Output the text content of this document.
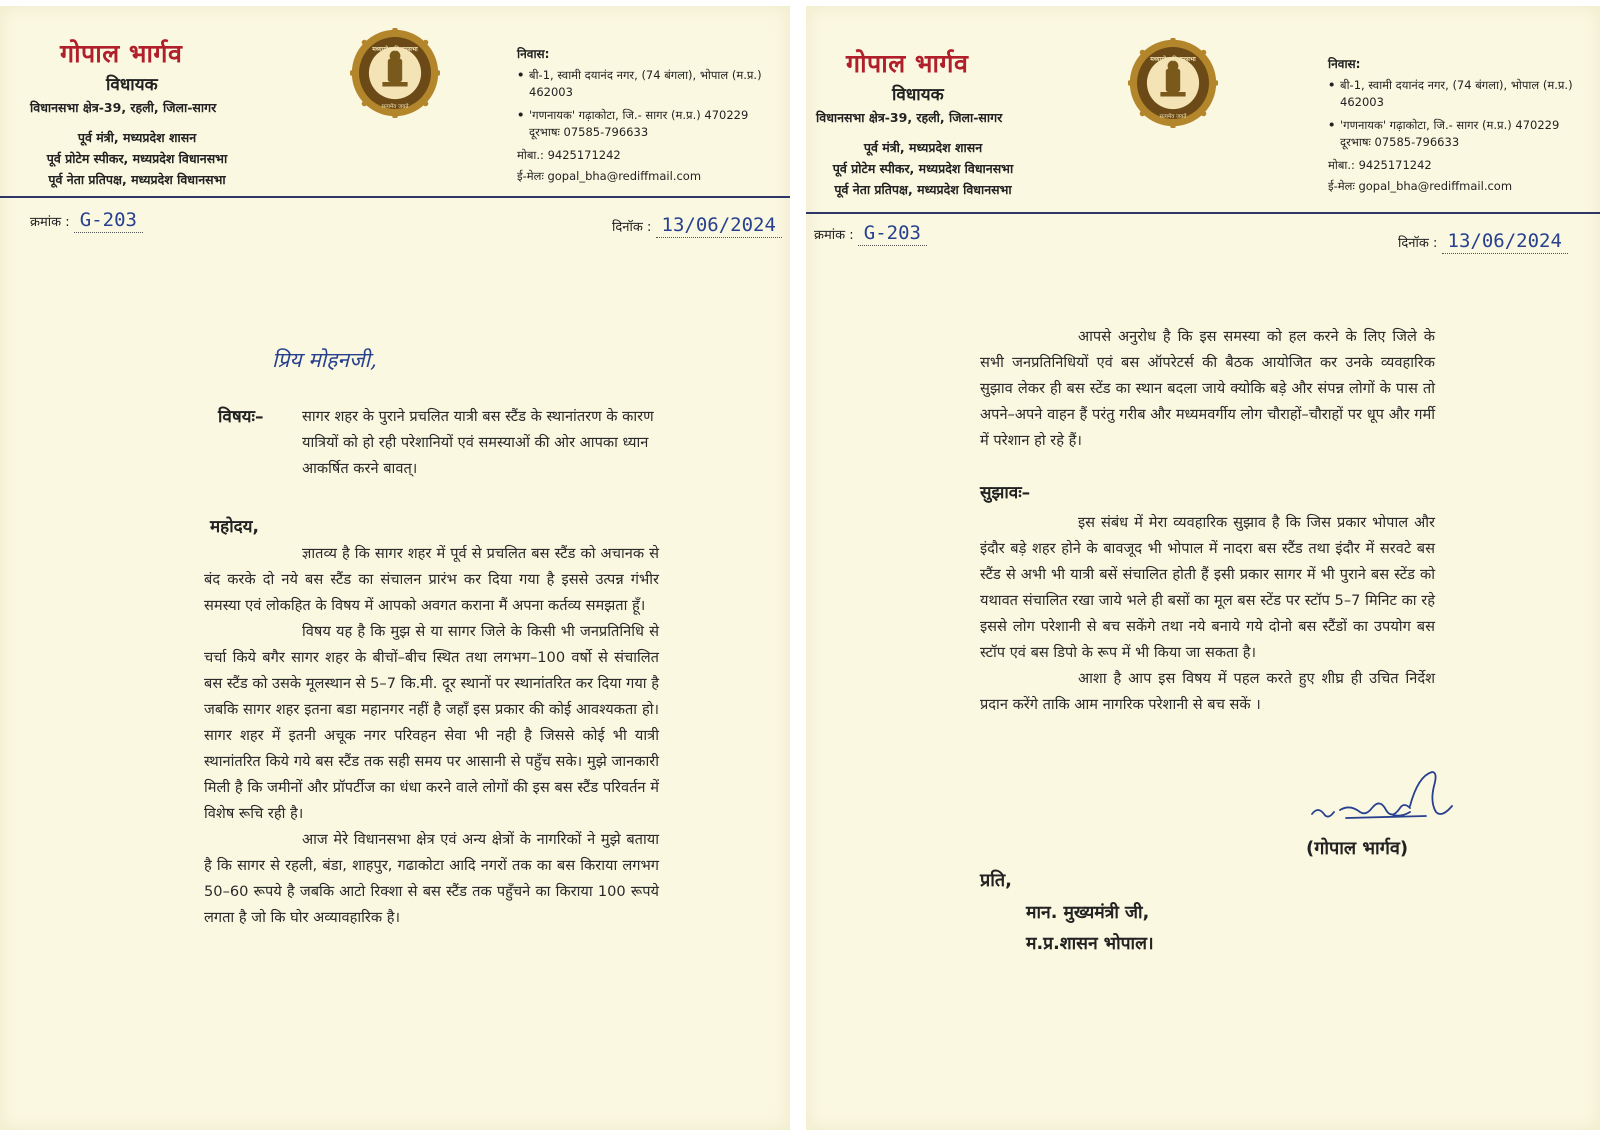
गोपाल भार्गव
विधायक
विधानसभा क्षेत्र-39, रहली, जिला-सागर
पूर्व मंत्री, मध्यप्रदेश शासन
पूर्व प्रोटेम स्पीकर, मध्यप्रदेश विधानसभा
पूर्व नेता प्रतिपक्ष, मध्यप्रदेश विधानसभा
मध्यप्रदेश विधानसभा
सत्यमेव जयते
निवास:
• बी-1, स्वामी दयानंद नगर, (74 बंगला), भोपाल (म.प्र.) 462003
• 'गणनायक' गढ़ाकोटा, जि.- सागर (म.प्र.) 470229
दूरभाषः 07585-796633
मोबा.: 9425171242
ई-मेलः gopal_bha@rediffmail.com
क्रमांक : G-203	दिनॉक : 13/06/2024
प्रिय मोहनजी,
विषयः–	सागर शहर के पुराने प्रचलित यात्री बस स्टैंड के स्थानांतरण के कारण यात्रियों को हो रही परेशानियों एवं समस्याओं की ओर आपका ध्यान आकर्षित करने बावत्।
महोदय,

ज्ञातव्य है कि सागर शहर में पूर्व से प्रचलित बस स्टैंड को अचानक से बंद करके दो नये बस स्टैंड का संचालन प्रारंभ कर दिया गया है इससे उत्पन्न गंभीर समस्या एवं लोकहित के विषय में आपको अवगत कराना मैं अपना कर्तव्य समझता हूँ।

विषय यह है कि मुझ से या सागर जिले के किसी भी जनप्रतिनिधि से चर्चा किये बगैर सागर शहर के बीचों–बीच स्थित तथा लगभग–100 वर्षो से संचालित बस स्टैंड को उसके मूलस्थान से 5–7 कि.मी. दूर स्थानों पर स्थानांतरित कर दिया गया है जबकि सागर शहर इतना बडा महानगर नहीं है जहॉं इस प्रकार की कोई आवश्यकता हो। सागर शहर में इतनी अचूक नगर परिवहन सेवा भी नही है जिससे कोई भी यात्री स्थानांतरित किये गये बस स्टैंड तक सही समय पर आसानी से पहुँच सके। मुझे जानकारी मिली है कि जमीनों और प्रॉपर्टीज का धंधा करने वाले लोगों की इस बस स्टैंड परिवर्तन में विशेष रूचि रही है।

आज मेरे विधानसभा क्षेत्र एवं अन्य क्षेत्रों के नागरिकों ने मुझे बताया है कि सागर से रहली, बंडा, शाहपुर, गढाकोटा आदि नगरों तक का बस किराया लगभग 50–60 रूपये है जबकि आटो रिक्शा से बस स्टैंड तक पहुँचने का किराया 100 रूपये लगता है जो कि घोर अव्यावहारिक है।

गोपाल भार्गव
विधायक
विधानसभा क्षेत्र-39, रहली, जिला-सागर
पूर्व मंत्री, मध्यप्रदेश शासन
पूर्व प्रोटेम स्पीकर, मध्यप्रदेश विधानसभा
पूर्व नेता प्रतिपक्ष, मध्यप्रदेश विधानसभा
मध्यप्रदेश विधानसभा
सत्यमेव जयते
निवास:
• बी-1, स्वामी दयानंद नगर, (74 बंगला), भोपाल (म.प्र.) 462003
• 'गणनायक' गढ़ाकोटा, जि.- सागर (म.प्र.) 470229
दूरभाषः 07585-796633
मोबा.: 9425171242
ई-मेलः gopal_bha@rediffmail.com
क्रमांक : G-203	दिनॉक : 13/06/2024

आपसे अनुरोध है कि इस समस्या को हल करने के लिए जिले के सभी जनप्रतिनिधियों एवं बस ऑपरेटर्स की बैठक आयोजित कर उनके व्यवहारिक सुझाव लेकर ही बस स्टेंड का स्थान बदला जाये क्योकि बड़े और संपन्न लोगों के पास तो अपने–अपने वाहन हैं परंतु गरीब और मध्यमवर्गीय लोग चौराहों–चौराहों पर धूप और गर्मी में परेशान हो रहे हैं।

सुझावः–

इस संबंध में मेरा व्यवहारिक सुझाव है कि जिस प्रकार भोपाल और इंदौर बड़े शहर होने के बावजूद भी भोपाल में नादरा बस स्टैंड तथा इंदौर में सरवटे बस स्टैंड से अभी भी यात्री बसें संचालित होती हैं इसी प्रकार सागर में भी पुराने बस स्टेंड को यथावत संचालित रखा जाये भले ही बसों का मूल बस स्टेंड पर स्टॉप 5–7 मिनिट का रहे इससे लोग परेशानी से बच सकेंगे तथा नये बनाये गये दोनो बस स्टैंडों का उपयोग बस स्टॉप एवं बस डिपो के रूप में भी किया जा सकता है।

आशा है आप इस विषय में पहल करते हुए शीघ्र ही उचित निर्देश प्रदान करेंगे ताकि आम नागरिक परेशानी से बच सकें ।

(गोपाल भार्गव)
प्रति,
मान. मुख्यमंत्री जी,
म.प्र.शासन भोपाल।
